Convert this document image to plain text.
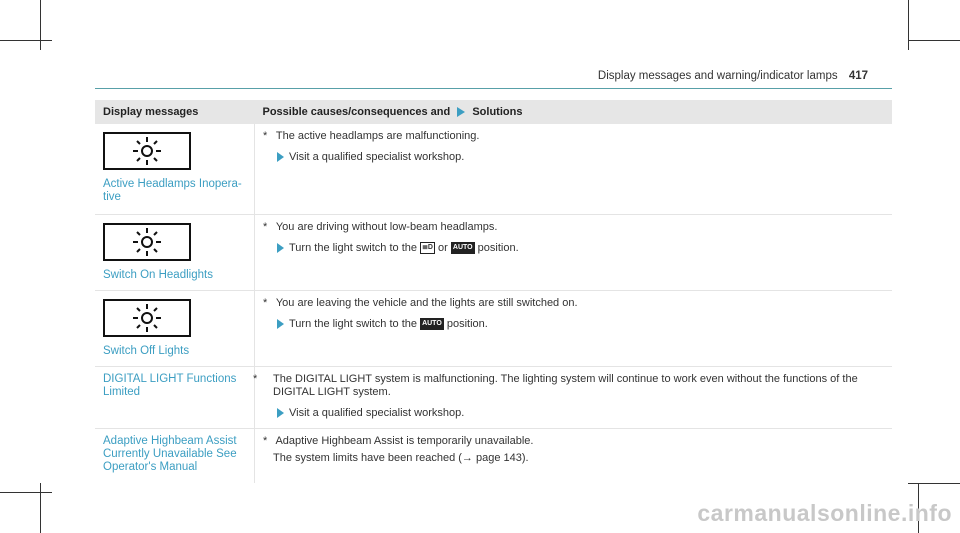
Display messages and warning/indicator lamps 417
Display messages	Possible causes/consequences and Solutions

Active Headlamps Inopera-tive	* The active headlamps are malfunctioning.
Visit a qualified specialist workshop.

Switch On Headlights	* You are driving without low-beam headlamps.
Turn the light switch to the ≣D or AUTO position.

Switch Off Lights	* You are leaving the vehicle and the lights are still switched on.
Turn the light switch to the AUTO position.

DIGITAL LIGHT Functions Limited	* The DIGITAL LIGHT system is malfunctioning. The lighting system will continue to work even without the functions of the DIGITAL LIGHT system.
Visit a qualified specialist workshop.

Adaptive Highbeam Assist Currently Unavailable See Operator's Manual	* Adaptive Highbeam Assist is temporarily unavailable.
The system limits have been reached (→ page 143).
carmanualsonline.info
